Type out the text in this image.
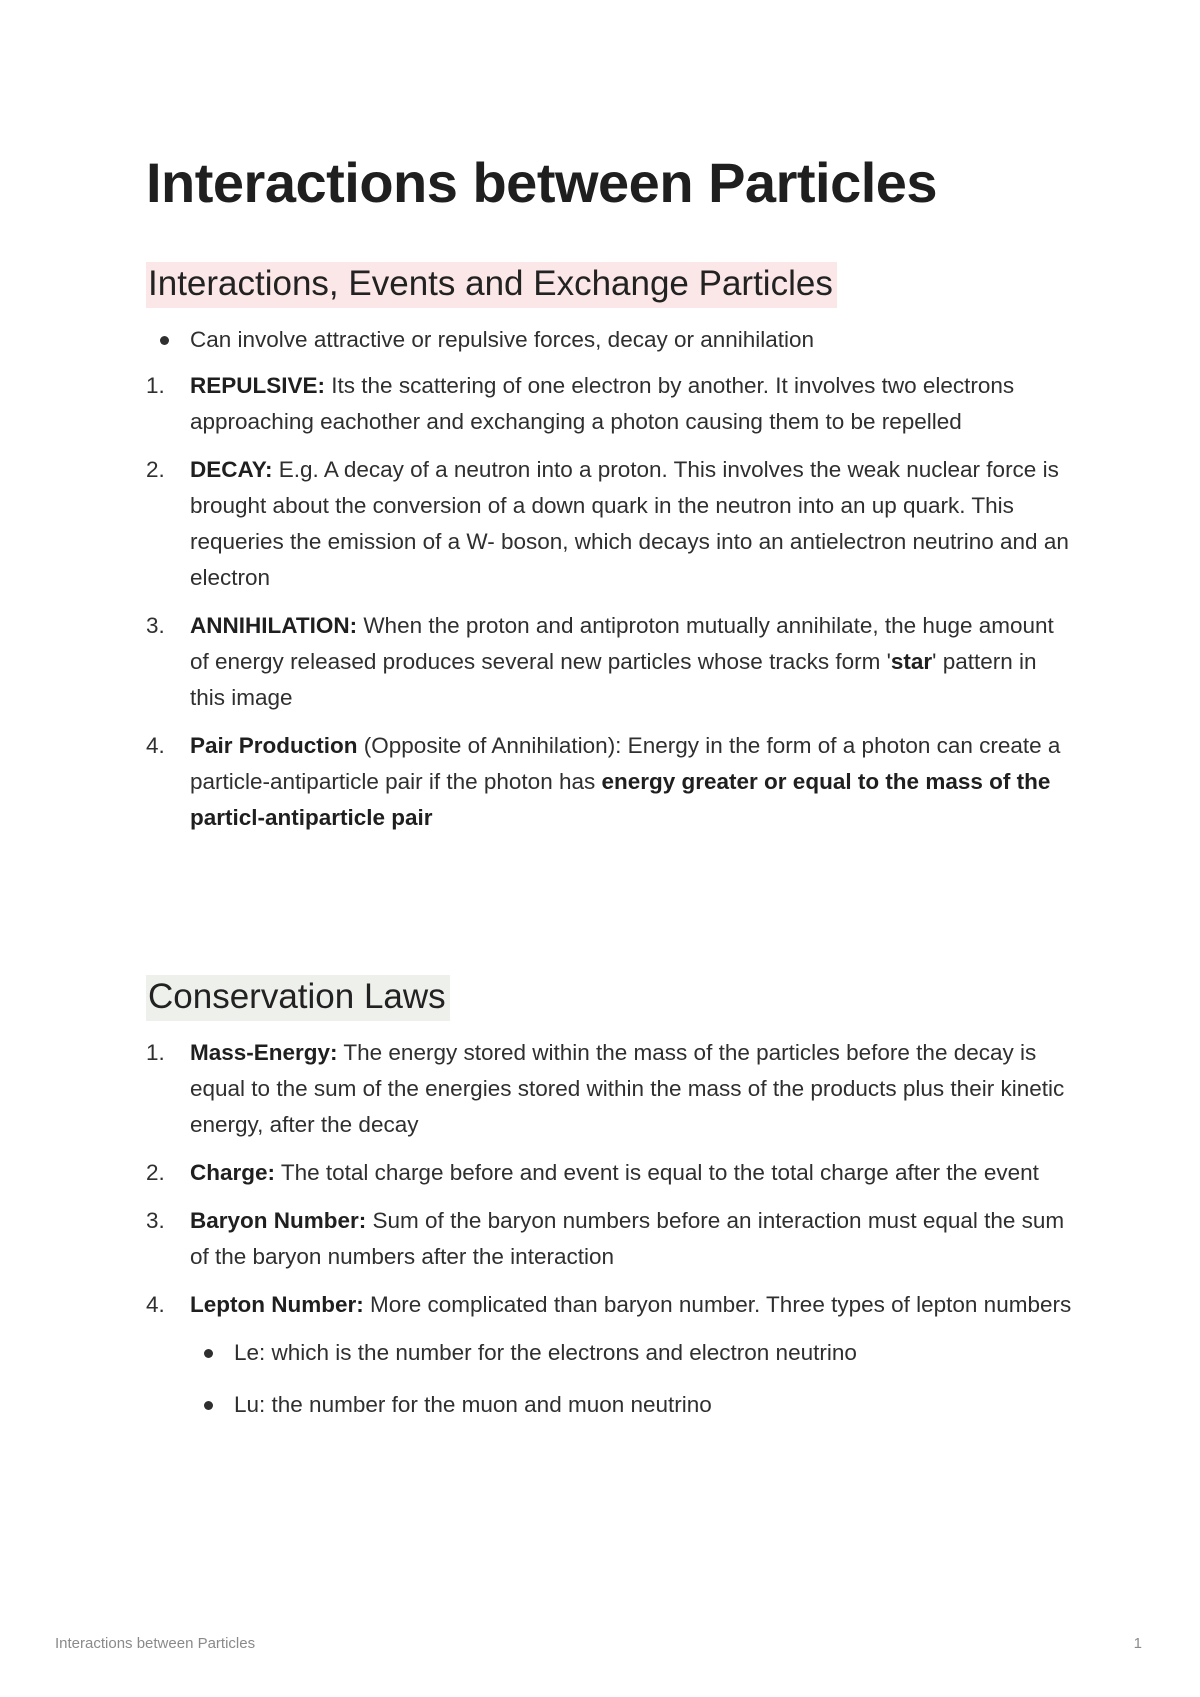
Interactions between Particles
Interactions, Events and Exchange Particles
Can involve attractive or repulsive forces, decay or annihilation
1.	REPULSIVE: Its the scattering of one electron by another. It involves two electrons approaching eachother and exchanging a photon causing them to be repelled
2.	DECAY: E.g. A decay of a neutron into a proton. This involves the weak nuclear force is brought about the conversion of a down quark in the neutron into an up quark. This requeries the emission of a W- boson, which decays into an antielectron neutrino and an electron
3.	ANNIHILATION: When the proton and antiproton mutually annihilate, the huge amount of energy released produces several new particles whose tracks form 'star' pattern in this image
4.	Pair Production (Opposite of Annihilation): Energy in the form of a photon can create a particle-antiparticle pair if the photon has energy greater or equal to the mass of the particl-antiparticle pair
Conservation Laws
1.	Mass-Energy: The energy stored within the mass of the particles before the decay is equal to the sum of the energies stored within the mass of the products plus their kinetic energy, after the decay
2.	Charge: The total charge before and event is equal to the total charge after the event
3.	Baryon Number: Sum of the baryon numbers before an interaction must equal the sum of the baryon numbers after the interaction
4.	Lepton Number: More complicated than baryon number. Three types of lepton numbers
Le: which is the number for the electrons and electron neutrino
Lu: the number for the muon and muon neutrino
Interactions between Particles	1
